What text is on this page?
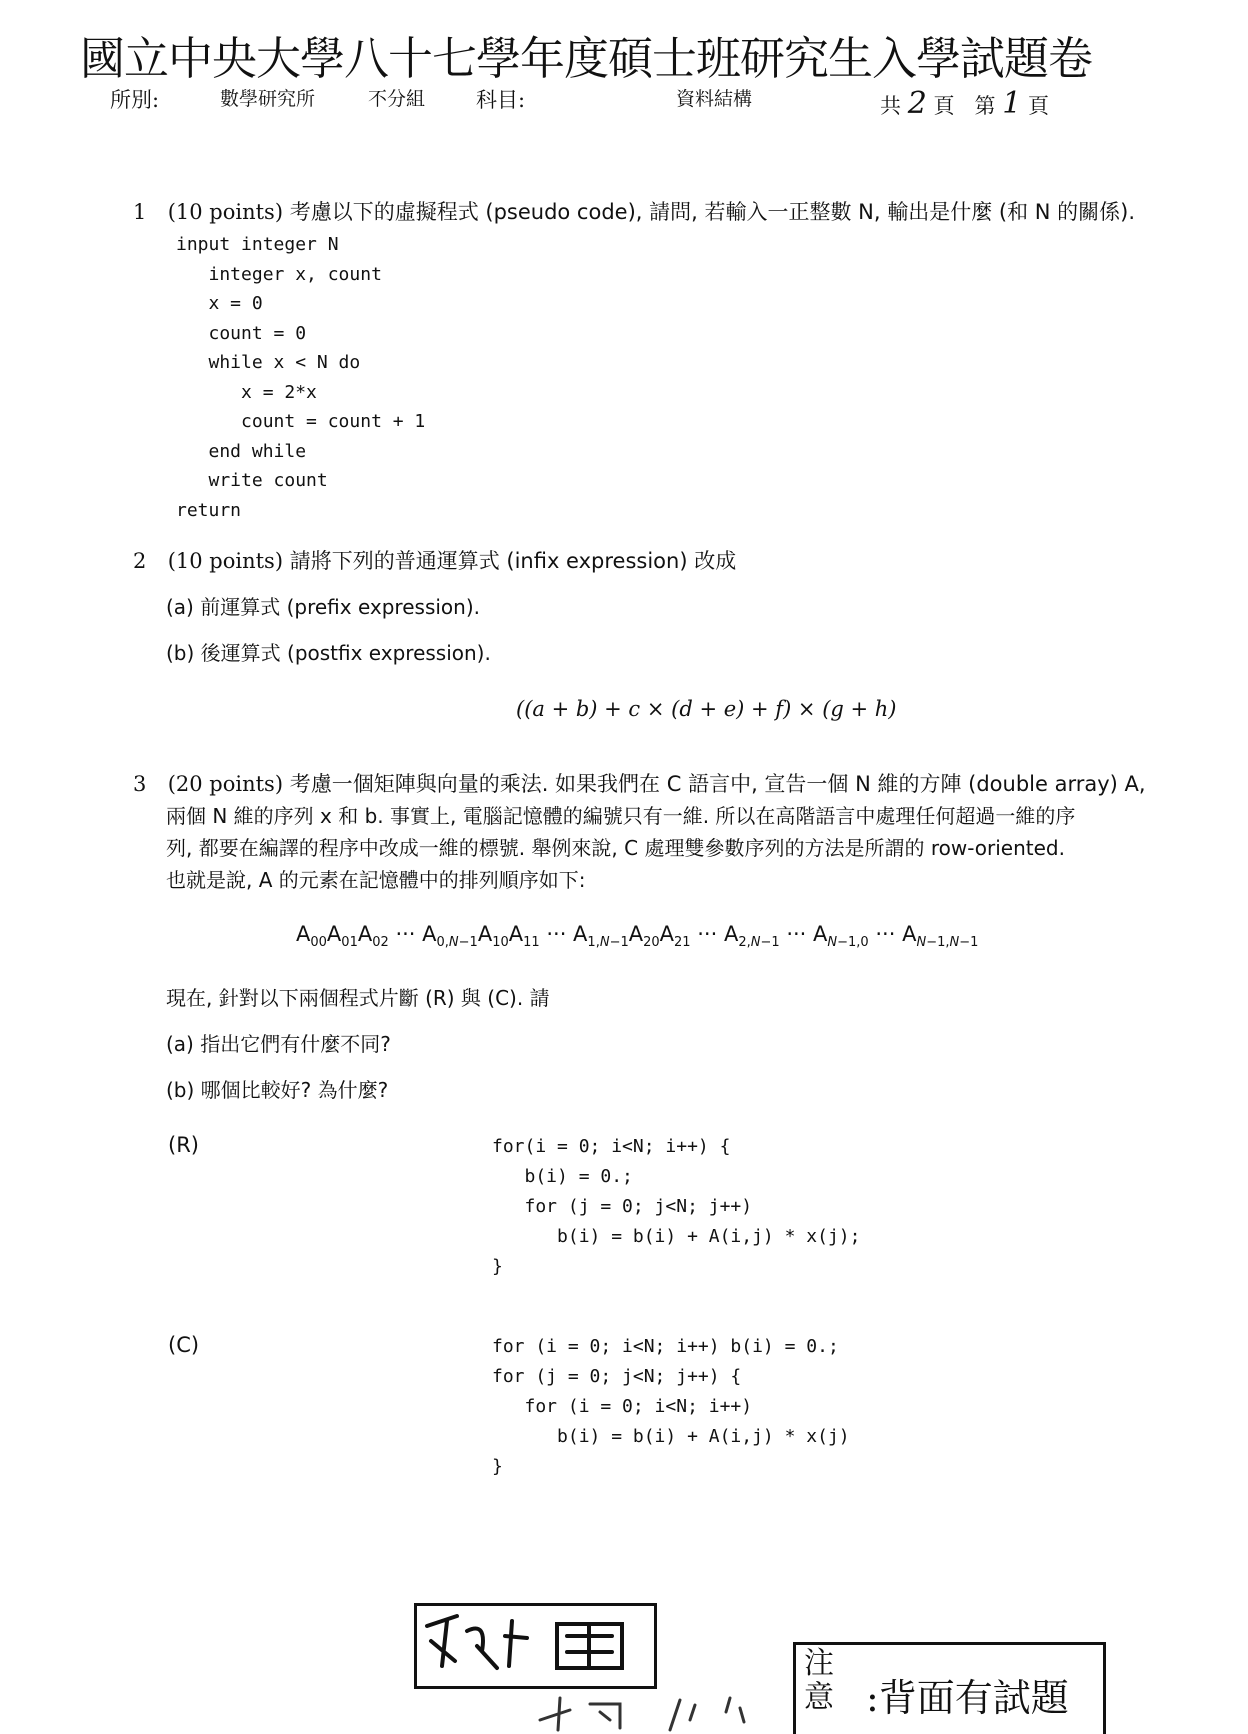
國立中央大學八十七學年度碩士班研究生入學試題卷
所別:	數學研究所	不分組 科目:	資料結構	共 2 頁 第 1 頁
1 (10 points) 考慮以下的虛擬程式 (pseudo code), 請問, 若輸入一正整數 N, 輸出是什麼 (和 N 的關係).
input integer N
integer x, count
x = 0
count = 0
while x < N do
x = 2*x
count = count + 1
end while
write count
return
2 (10 points) 請將下列的普通運算式 (infix expression) 改成
(a) 前運算式 (prefix expression).
(b) 後運算式 (postfix expression).
((a + b) + c × (d + e) + f) × (g + h)
3 (20 points) 考慮一個矩陣與向量的乘法. 如果我們在 C 語言中, 宣告一個 N 維的方陣 (double array) A,
兩個 N 維的序列 x 和 b. 事實上, 電腦記憶體的編號只有一維. 所以在高階語言中處理任何超過一維的序
列, 都要在編譯的程序中改成一維的標號. 舉例來說, C 處理雙參數序列的方法是所謂的 row-oriented.
也就是說, A 的元素在記憶體中的排列順序如下:
$A_{00}A_{01}A_{02}$ ··· $A_{0,N-1}A_{10}A_{11}$ ··· $A_{1,N-1}A_{20}A_{21}$ ··· $A_{2,N-1}$ ··· $A_{N-1,0}$ ··· $A_{N-1,N-1}$
現在, 針對以下兩個程式片斷 (R) 與 (C). 請
(a) 指出它們有什麼不同?
(b) 哪個比較好? 為什麼?
(R)	for(i = 0; i<N; i++) {
b(i) = 0.;
for (j = 0; j<N; j++)
b(i) = b(i) + A(i,j) * x(j);
}
(C)	for (i = 0; i<N; i++) b(i) = 0.;
for (j = 0; j<N; j++) {
for (i = 0; i<N; i++)
b(i) = b(i) + A(i,j) * x(j)
}
注意 :背面有試題
